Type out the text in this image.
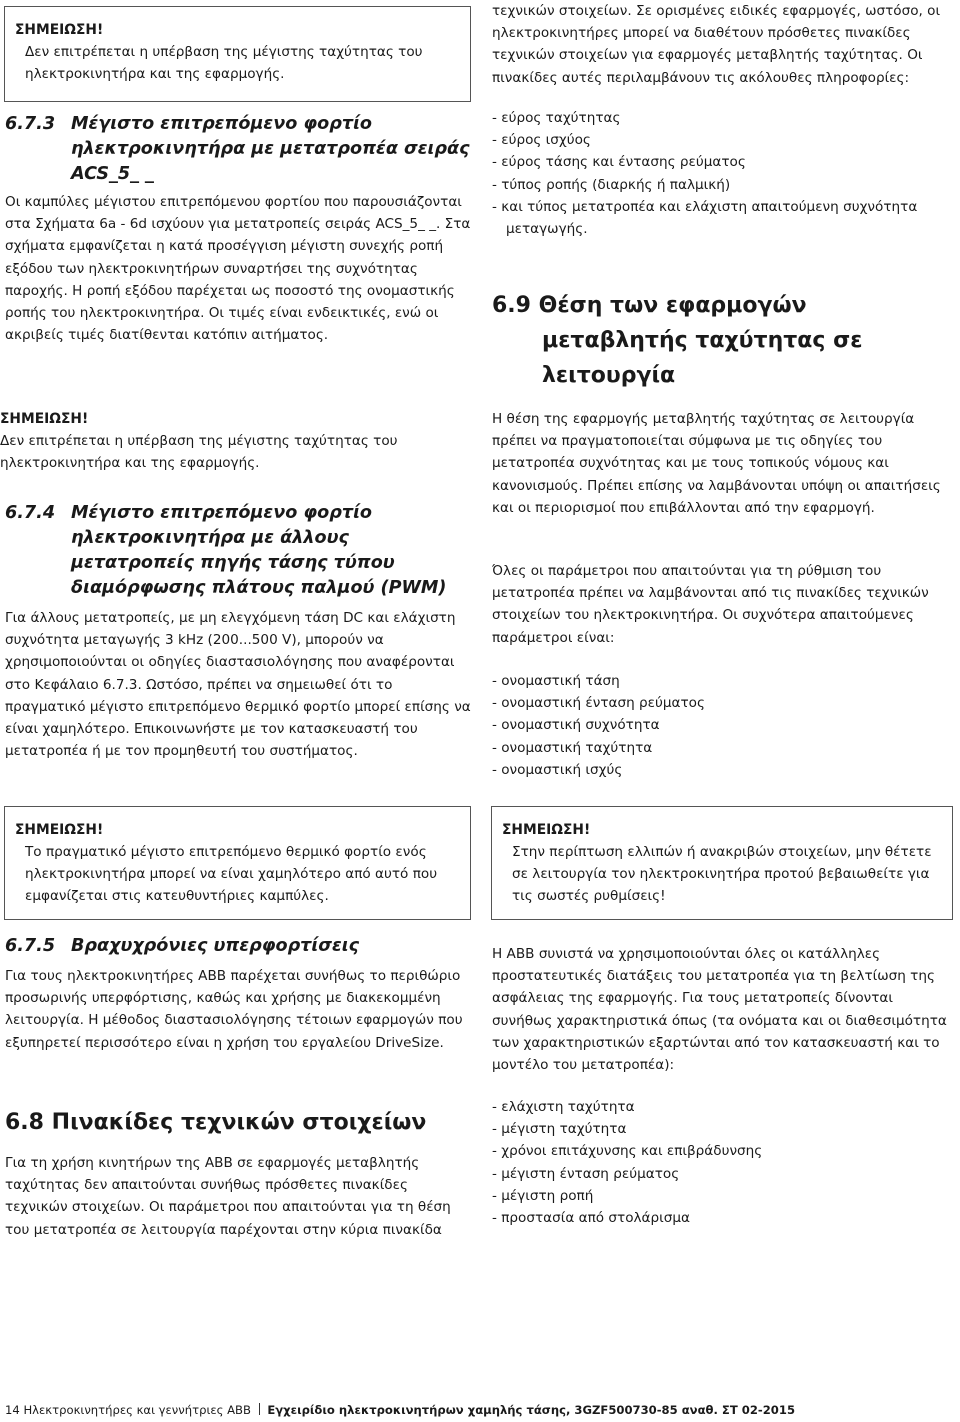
ΣΗΜΕΙΩΣΗ!

Δεν επιτρέπεται η υπέρβαση της μέγιστης ταχύτητας του ηλεκτροκινητήρα και της εφαρμογής.

6.7.3 Μέγιστο επιτρεπόμενο φορτίο ηλεκτροκινητήρα με μετατροπέα σειράς ACS_5_ _

Οι καμπύλες μέγιστου επιτρεπόμενου φορτίου που παρουσιάζονται στα Σχήματα 6a - 6d ισχύουν για μετατροπείς σειράς ACS_5_ _. Στα σχήματα εμφανίζεται η κατά προσέγγιση μέγιστη συνεχής ροπή εξόδου των ηλεκτροκινητήρων συναρτήσει της συχνότητας παροχής. Η ροπή εξόδου παρέχεται ως ποσοστό της ονομαστικής ροπής του ηλεκτροκινητήρα. Οι τιμές είναι ενδεικτικές, ενώ οι ακριβείς τιμές διατίθενται κατόπιν αιτήματος.

ΣΗΜΕΙΩΣΗ!

Δεν επιτρέπεται η υπέρβαση της μέγιστης ταχύτητας του ηλεκτροκινητήρα και της εφαρμογής.

6.7.4 Μέγιστο επιτρεπόμενο φορτίο ηλεκτροκινητήρα με άλλους μετατροπείς πηγής τάσης τύπου διαμόρφωσης πλάτους παλμού (PWM)

Για άλλους μετατροπείς, με μη ελεγχόμενη τάση DC και ελάχιστη συχνότητα μεταγωγής 3 kHz (200...500 V), μπορούν να χρησιμοποιούνται οι οδηγίες διαστασιολόγησης που αναφέρονται στο Κεφάλαιο 6.7.3. Ωστόσο, πρέπει να σημειωθεί ότι το πραγματικό μέγιστο επιτρεπόμενο θερμικό φορτίο μπορεί επίσης να είναι χαμηλότερο. Επικοινωνήστε με τον κατασκευαστή του μετατροπέα ή με τον προμηθευτή του συστήματος.

ΣΗΜΕΙΩΣΗ!

Το πραγματικό μέγιστο επιτρεπόμενο θερμικό φορτίο ενός ηλεκτροκινητήρα μπορεί να είναι χαμηλότερο από αυτό που εμφανίζεται στις κατευθυντήριες καμπύλες.

6.7.5 Βραχυχρόνιες υπερφορτίσεις

Για τους ηλεκτροκινητήρες ABB παρέχεται συνήθως το περιθώριο προσωρινής υπερφόρτισης, καθώς και χρήσης με διακεκομμένη λειτουργία. Η μέθοδος διαστασιολόγησης τέτοιων εφαρμογών που εξυπηρετεί περισσότερο είναι η χρήση του εργαλείου DriveSize.

6.8 Πινακίδες τεχνικών στοιχείων

Για τη χρήση κινητήρων της ABB σε εφαρμογές μεταβλητής ταχύτητας δεν απαιτούνται συνήθως πρόσθετες πινακίδες τεχνικών στοιχείων. Οι παράμετροι που απαιτούνται για τη θέση του μετατροπέα σε λειτουργία παρέχονται στην κύρια πινακίδα

τεχνικών στοιχείων. Σε ορισμένες ειδικές εφαρμογές, ωστόσο, οι ηλεκτροκινητήρες μπορεί να διαθέτουν πρόσθετες πινακίδες τεχνικών στοιχείων για εφαρμογές μεταβλητής ταχύτητας. Οι πινακίδες αυτές περιλαμβάνουν τις ακόλουθες πληροφορίες:

- εύρος ταχύτητας
- εύρος ισχύος
- εύρος τάσης και έντασης ρεύματος
- τύπος ροπής (διαρκής ή παλμική)
- και τύπος μετατροπέα και ελάχιστη απαιτούμενη συχνότητα
μεταγωγής.
6.9 Θέση των εφαρμογών
μεταβλητής ταχύτητας σε
λειτουργία

Η θέση της εφαρμογής μεταβλητής ταχύτητας σε λειτουργία πρέπει να πραγματοποιείται σύμφωνα με τις οδηγίες του μετατροπέα συχνότητας και με τους τοπικούς νόμους και κανονισμούς. Πρέπει επίσης να λαμβάνονται υπόψη οι απαιτήσεις και οι περιορισμοί που επιβάλλονται από την εφαρμογή.

Όλες οι παράμετροι που απαιτούνται για τη ρύθμιση του μετατροπέα πρέπει να λαμβάνονται από τις πινακίδες τεχνικών στοιχείων του ηλεκτροκινητήρα. Οι συχνότερα απαιτούμενες παράμετροι είναι:

- ονομαστική τάση
- ονομαστική ένταση ρεύματος
- ονομαστική συχνότητα
- ονομαστική ταχύτητα
- ονομαστική ισχύς

ΣΗΜΕΙΩΣΗ!

Στην περίπτωση ελλιπών ή ανακριβών στοιχείων, μην θέτετε σε λειτουργία τον ηλεκτροκινητήρα προτού βεβαιωθείτε για τις σωστές ρυθμίσεις!

Η ABB συνιστά να χρησιμοποιούνται όλες οι κατάλληλες προστατευτικές διατάξεις του μετατροπέα για τη βελτίωση της ασφάλειας της εφαρμογής. Για τους μετατροπείς δίνονται συνήθως χαρακτηριστικά όπως (τα ονόματα και οι διαθεσιμότητα των χαρακτηριστικών εξαρτώνται από τον κατασκευαστή και το μοντέλο του μετατροπέα):

- ελάχιστη ταχύτητα
- μέγιστη ταχύτητα
- χρόνοι επιτάχυνσης και επιβράδυνσης
- μέγιστη ένταση ρεύματος
- μέγιστη ροπή
- προστασία από στολάρισμα
14 Ηλεκτροκινητήρες και γεννήτριες ABB Εγχειρίδιο ηλεκτροκινητήρων χαμηλής τάσης, 3GZF500730-85 αναθ. ΣΤ 02-2015
